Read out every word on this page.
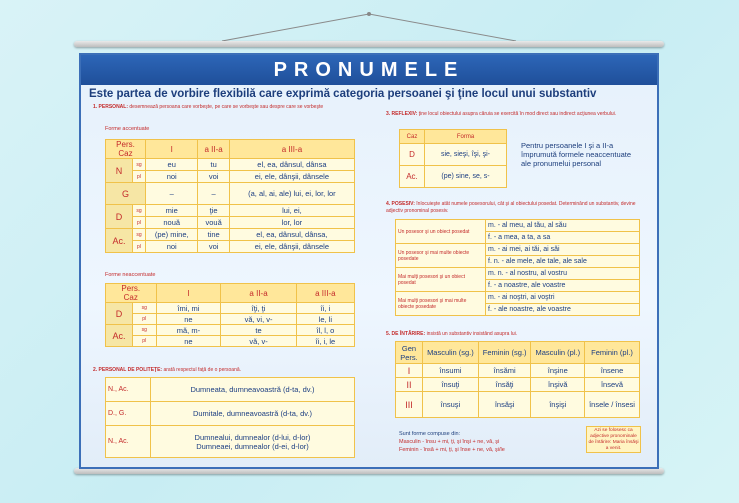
PRONUMELE
Este partea de vorbire flexibilă care exprimă categoria persoanei şi ţine locul unui substantiv
1. PERSONAL: desemnează persoana care vorbeşte, pe care se vorbeşte sau despre care se vorbeşte
Forme accentuate
Pers.
Caz		I	a II-a	a III-a
N	sg	eu	tu	el, ea, dânsul, dânsa
	pl	noi	voi	ei, ele, dânşii, dânsele
G		–	–	(a, al, ai, ale) lui, ei, lor, lor
D	sg	mie	ţie	lui, ei,
	pl	nouă	vouă	lor, lor
Ac.	sg	(pe) mine,	tine	el, ea, dânsul, dânsa,
	pl	noi	voi	ei, ele, dânşii, dânsele
Forme neaccentuate
Pers.
Caz		I	a II-a	a III-a
D	sg	îmi, mi	îţi, ţi	îi, i
	pl	ne	vă, vi, v-	le, li
Ac.	sg	mă, m-	te	îl, l, o
	pl	ne	vă, v-	îi, i, le
2. PERSONAL DE POLITEŢE: arată respectul faţă de o persoană.
N., Ac.	Dumneata, dumneavoastră (d-ta, dv.)
D., G.	Dumitale, dumneavoastră (d-ta, dv.)
N., Ac.	Dumnealui, dumnealor (d-lui, d-lor)
Dumneaei, dumnealor (d-ei, d-lor)
3. REFLEXIV: ţine locul obiectului asupra căruia se exercită în mod direct sau indirect acţiunea verbului.
Caz	Forma
D	sie, sieşi, îşi, şi-
Ac.	(pe) sine, se, s-
Pentru persoanele I şi a II-a împrumută formele neaccentuate ale pronumelui personal
4. POSESIV: înlocuieşte atât numele posesorului, cât şi al obiectului posedat. Determinând un substantiv, devine adjectiv pronominal posesiv.
Un posesor şi un obiect posedat	m. - al meu, al tău, al său
	f. - a mea, a ta, a sa
Un posesor şi mai multe obiecte posedate	m. - ai mei, ai tăi, ai săi
	f. n. - ale mele, ale tale, ale sale
Mai mulţi posesori şi un obiect posedat	m. n. - al nostru, al vostru
	f. - a noastre, ale voastre
Mai mulţi posesori şi mai multe obiecte posedate	m. - ai noştri, ai voştri
	f. - ale noastre, ale voastre
5. DE ÎNTĂRIRE: insistă un substantiv insistând asupra lui.
Gen
Pers.	Masculin (sg.)	Feminin (sg.)	Masculin (pl.)	Feminin (pl.)
I	însumi	însămi	înşine	însene
II	însuţi	însăţi	înşivă	însevă
III	însuşi	însăşi	înşişi	însele / însesi
Sunt forme compuse din:
Masculin - însu + mi, ţi, şi înşi + ne, vă, şi
Feminin - însă + mi, ţi, şi înse + ne, vă, şi/le
Azi se folosesc ca adjective pronominale de întărire: Maria însăşi a venit.
